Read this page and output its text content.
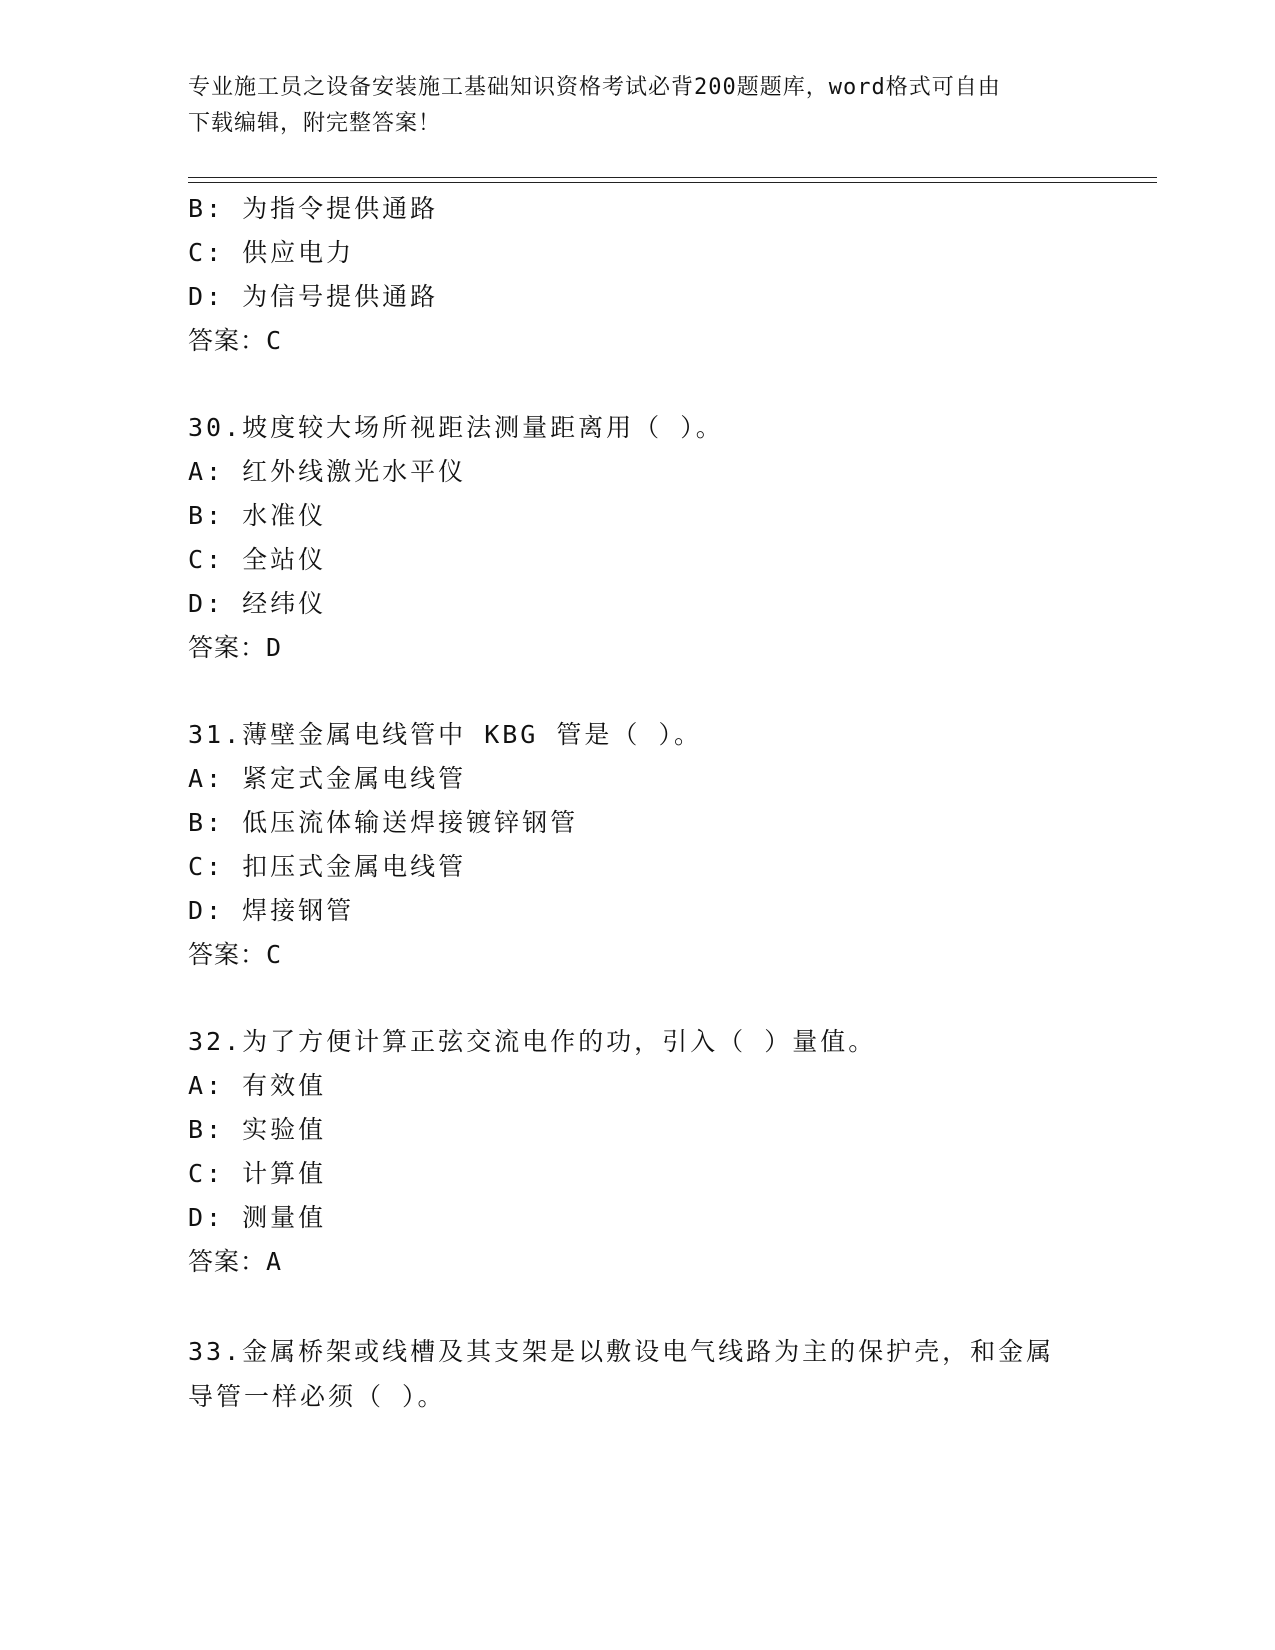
专业施工员之设备安装施工基础知识资格考试必背200题题库，word格式可自由
下载编辑，附完整答案！
B: 为指令提供通路
C: 供应电力
D: 为信号提供通路
答案：C
30.坡度较大场所视距法测量距离用（ ）。
A: 红外线激光水平仪
B: 水准仪
C: 全站仪
D: 经纬仪
答案：D
31.薄壁金属电线管中 KBG 管是（ ）。
A: 紧定式金属电线管
B: 低压流体输送焊接镀锌钢管
C: 扣压式金属电线管
D: 焊接钢管
答案：C
32.为了方便计算正弦交流电作的功，引入（ ）量值。
A: 有效值
B: 实验值
C: 计算值
D: 测量值
答案：A
33.金属桥架或线槽及其支架是以敷设电气线路为主的保护壳，和金属
导管一样必须（ ）。
